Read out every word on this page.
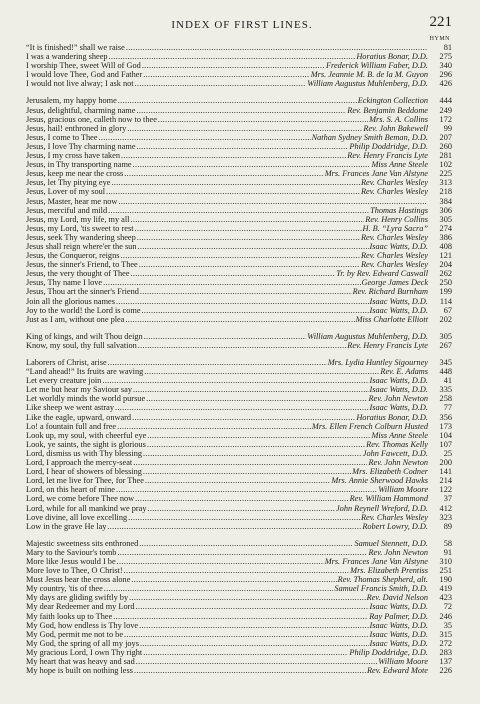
INDEX OF FIRST LINES.	221
HYMN
“It is finished!” shall we raise .....	81
I was a wandering sheep .....	Horatius Bonar, D.D.	275
I worship Thee, sweet Will of God .....	Frederick William Faber, D.D.	340
I would love Thee, God and Father .....	Mrs. Jeannie M. B. de la M. Guyon	296
I would not live alway; I ask not .....	William Augustus Muhlenberg, D.D.	426
Jerusalem, my happy home .....	Eckington Collection	444
Jesus, delightful, charming name .....	Rev. Benjamin Beddome	249
Jesus, gracious one, calleth now to thee .....	Mrs. S. A. Collins	172
Jesus, hail! enthroned in glory .....	Rev. John Bakewell	99
Jesus, I come to Thee .....	Nathan Sydney Smith Beman, D.D.	207
Jesus, I love Thy charming name .....	Philip Doddridge, D.D.	260
Jesus, I my cross have taken .....	Rev. Henry Francis Lyte	281
Jesus, in Thy transporting name .....	Miss Anne Steele	102
Jesus, keep me near the cross .....	Mrs. Frances Jane Van Alstyne	225
Jesus, let Thy pitying eye .....	Rev. Charles Wesley	313
Jesus, Lover of my soul .....	Rev. Charles Wesley	218
Jesus, Master, hear me now .....	384
Jesus, merciful and mild .....	Thomas Hastings	306
Jesus, my Lord, my life, my all .....	Rev. Henry Collins	305
Jesus, my Lord, 'tis sweet to rest .....	H. B. “Lyra Sacra”	274
Jesus, seek Thy wandering sheep .....	Rev. Charles Wesley	386
Jesus shall reign where'er the sun .....	Isaac Watts, D.D.	408
Jesus, the Conqueror, reigns .....	Rev. Charles Wesley	121
Jesus, the sinner's Friend, to Thee .....	Rev. Charles Wesley	204
Jesus, the very thought of Thee .....	Tr. by Rev. Edward Caswall	262
Jesus, Thy name I love .....	George James Deck	250
Jesus, Thou art the sinner's Friend .....	Rev. Richard Burnham	199
Join all the glorious names .....	Isaac Watts, D.D.	114
Joy to the world! the Lord is come .....	Isaac Watts, D.D.	67
Just as I am, without one plea .....	Miss Charlotte Elliott	202
King of kings, and wilt Thou deign .....	William Augustus Muhlenberg, D.D.	305
Know, my soul, thy full salvation .....	Rev. Henry Francis Lyte	267
Laborers of Christ, arise .....	Mrs. Lydia Huntley Sigourney	345
“Land ahead!” Its fruits are waving .....	Rev. E. Adams	448
Let every creature join .....	Isaac Watts, D.D.	41
Let me but hear my Saviour say .....	Isaac Watts, D.D.	335
Let worldly minds the world pursue .....	Rev. John Newton	258
Like sheep we went astray .....	Isaac Watts, D.D.	77
Like the eagle, upward, onward .....	Horatius Bonar, D.D.	356
Lo! a fountain full and free .....	Mrs. Ellen French Colburn Husted	173
Look up, my soul, with cheerful eye .....	Miss Anne Steele	104
Look, ye saints, the sight is glorious .....	Rev. Thomas Kelly	107
Lord, dismiss us with Thy blessing .....	John Fawcett, D.D.	25
Lord, I approach the mercy-seat .....	Rev. John Newton	200
Lord, I hear of showers of blessing .....	Mrs. Elizabeth Codner	141
Lord, let me live for Thee, for Thee .....	Mrs. Annie Sherwood Hawks	214
Lord, on this heart of mine .....	William Moore	122
Lord, we come before Thee now .....	Rev. William Hammond	37
Lord, while for all mankind we pray .....	John Reynell Wreford, D.D.	412
Love divine, all love excelling .....	Rev. Charles Wesley	323
Low in the grave He lay .....	Robert Lowry, D.D.	89
Majestic sweetness sits enthroned .....	Samuel Stennett, D.D.	58
Mary to the Saviour's tomb .....	Rev. John Newton	91
More like Jesus would I be .....	Mrs. Frances Jane Van Alstyne	310
More love to Thee, O Christ! .....	Mrs. Elizabeth Prentiss	251
Must Jesus bear the cross alone .....	Rev. Thomas Shepherd, alt.	190
My country, 'tis of thee .....	Samuel Francis Smith, D.D.	419
My days are gliding swiftly by .....	Rev. David Nelson	423
My dear Redeemer and my Lord .....	Isaac Watts, D.D.	72
My faith looks up to Thee .....	Ray Palmer, D.D.	246
My God, how endless is Thy love .....	Isaac Watts, D.D.	35
My God, permit me not to be .....	Isaac Watts, D.D.	315
My God, the spring of all my joys .....	Isaac Watts, D.D.	272
My gracious Lord, I own Thy right .....	Philip Doddridge, D.D.	283
My heart that was heavy and sad .....	William Moore	137
My hope is built on nothing less .....	Rev. Edward Mote	226
